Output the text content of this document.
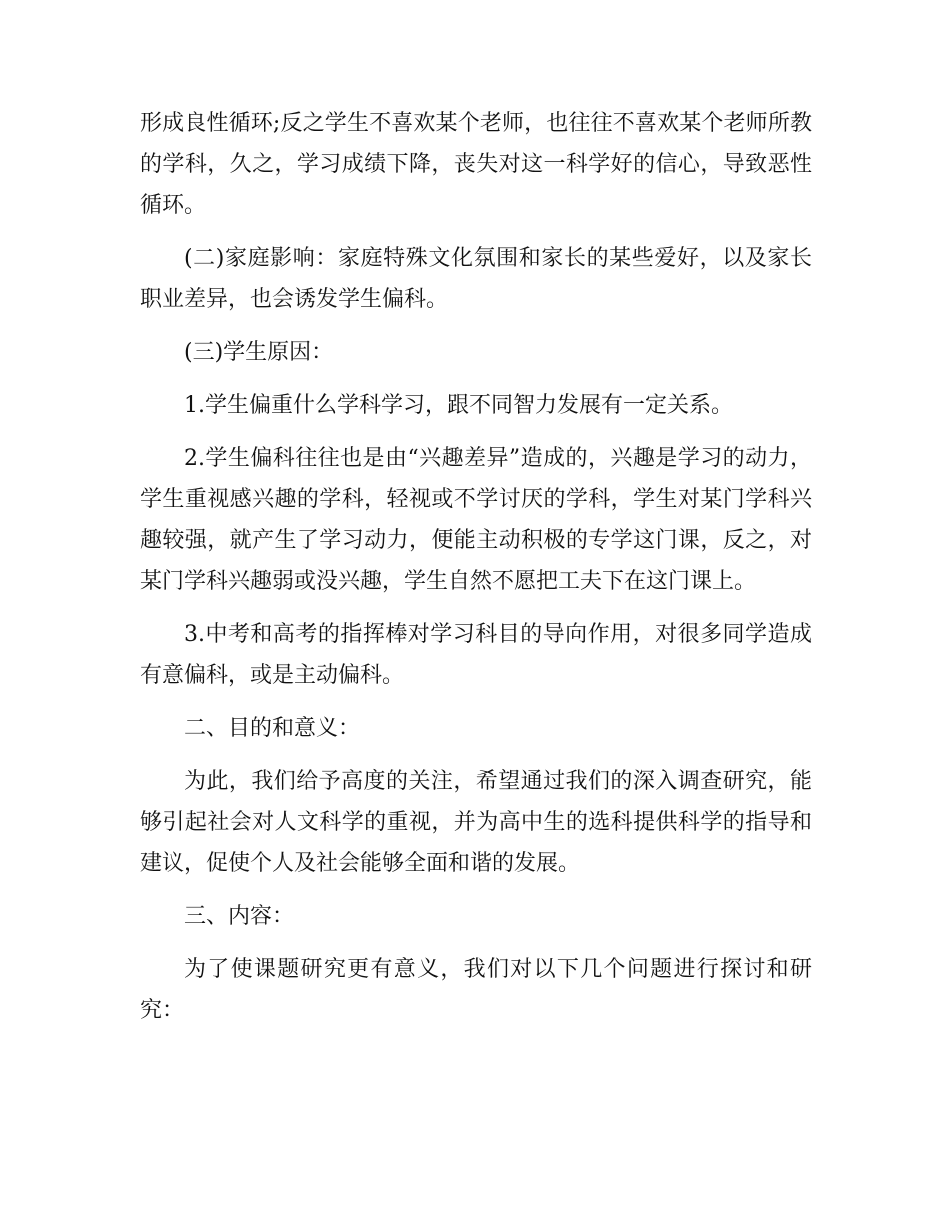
形成良性循环;反之学生不喜欢某个老师，也往往不喜欢某个老师所教的学科，久之，学习成绩下降，丧失对这一科学好的信心，导致恶性循环。

(二)家庭影响：家庭特殊文化氛围和家长的某些爱好，以及家长职业差异，也会诱发学生偏科。

(三)学生原因：

1.学生偏重什么学科学习，跟不同智力发展有一定关系。

2.学生偏科往往也是由“兴趣差异”造成的，兴趣是学习的动力，学生重视感兴趣的学科，轻视或不学讨厌的学科，学生对某门学科兴趣较强，就产生了学习动力，便能主动积极的专学这门课，反之，对某门学科兴趣弱或没兴趣，学生自然不愿把工夫下在这门课上。

3.中考和高考的指挥棒对学习科目的导向作用，对很多同学造成有意偏科，或是主动偏科。

二、目的和意义：

为此，我们给予高度的关注，希望通过我们的深入调查研究，能够引起社会对人文科学的重视，并为高中生的选科提供科学的指导和建议，促使个人及社会能够全面和谐的发展。

三、内容：

为了使课题研究更有意义，我们对以下几个问题进行探讨和研究：
